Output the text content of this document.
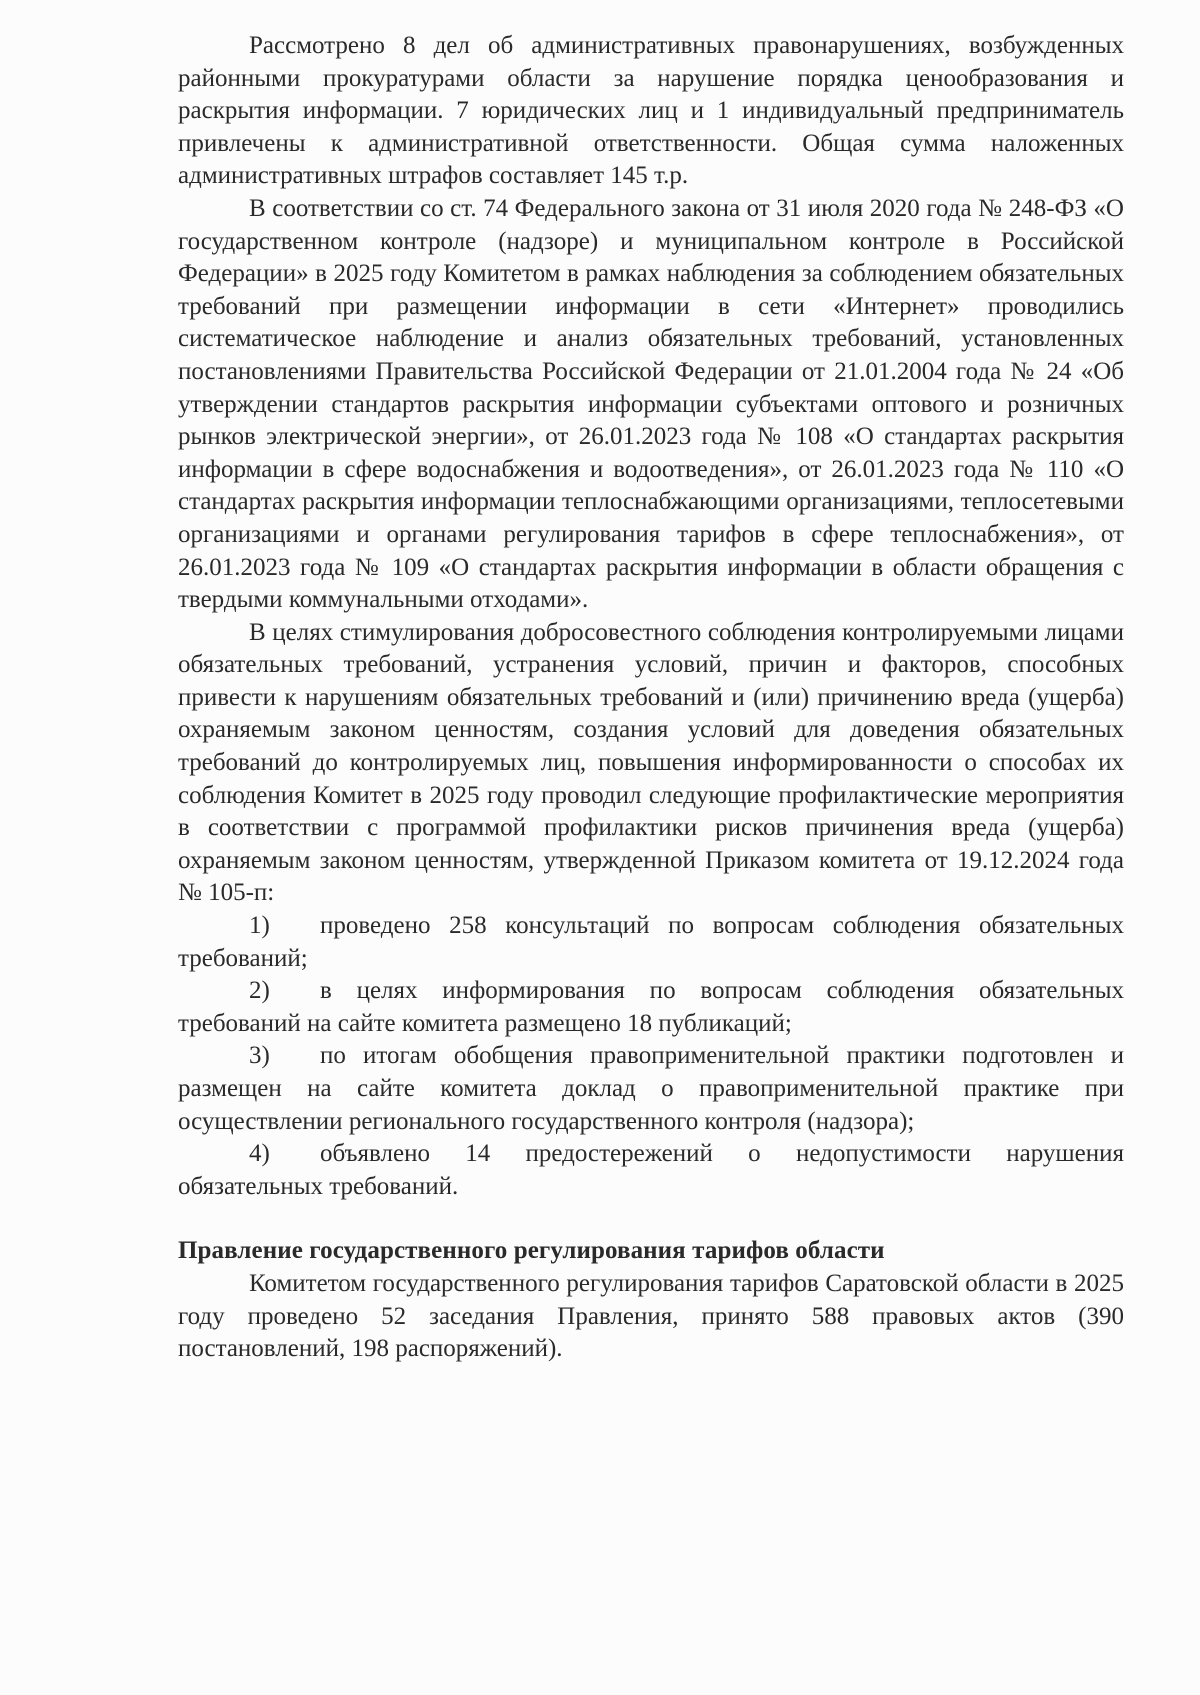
Рассмотрено 8 дел об административных правонарушениях, возбужденных районными прокуратурами области за нарушение порядка ценообразования и раскрытия информации. 7 юридических лиц и 1 индивидуальный предприниматель привлечены к административной ответственности. Общая сумма наложенных административных штрафов составляет 145 т.р.

В соответствии со ст. 74 Федерального закона от 31 июля 2020 года № 248-ФЗ «О государственном контроле (надзоре) и муниципальном контроле в Российской Федерации» в 2025 году Комитетом в рамках наблюдения за соблюдением обязательных требований при размещении информации в сети «Интернет» проводились систематическое наблюдение и анализ обязательных требований, установленных постановлениями Правительства Российской Федерации от 21.01.2004 года № 24 «Об утверждении стандартов раскрытия информации субъектами оптового и розничных рынков электрической энергии», от 26.01.2023 года № 108 «О стандартах раскрытия информации в сфере водоснабжения и водоотведения», от 26.01.2023 года № 110 «О стандартах раскрытия информации теплоснабжающими организациями, теплосетевыми организациями и органами регулирования тарифов в сфере теплоснабжения», от 26.01.2023 года № 109 «О стандартах раскрытия информации в области обращения с твердыми коммунальными отходами».

В целях стимулирования добросовестного соблюдения контролируемыми лицами обязательных требований, устранения условий, причин и факторов, способных привести к нарушениям обязательных требований и (или) причинению вреда (ущерба) охраняемым законом ценностям, создания условий для доведения обязательных требований до контролируемых лиц, повышения информированности о способах их соблюдения Комитет в 2025 году проводил следующие профилактические мероприятия в соответствии с программой профилактики рисков причинения вреда (ущерба) охраняемым законом ценностям, утвержденной Приказом комитета от 19.12.2024 года № 105-п:

1) проведено 258 консультаций по вопросам соблюдения обязательных требований;

2) в целях информирования по вопросам соблюдения обязательных требований на сайте комитета размещено 18 публикаций;

3) по итогам обобщения правоприменительной практики подготовлен и размещен на сайте комитета доклад о правоприменительной практике при осуществлении регионального государственного контроля (надзора);

4) объявлено 14 предостережений о недопустимости нарушения обязательных требований.

Правление государственного регулирования тарифов области

Комитетом государственного регулирования тарифов Саратовской области в 2025 году проведено 52 заседания Правления, принято 588 правовых актов (390 постановлений, 198 распоряжений).
